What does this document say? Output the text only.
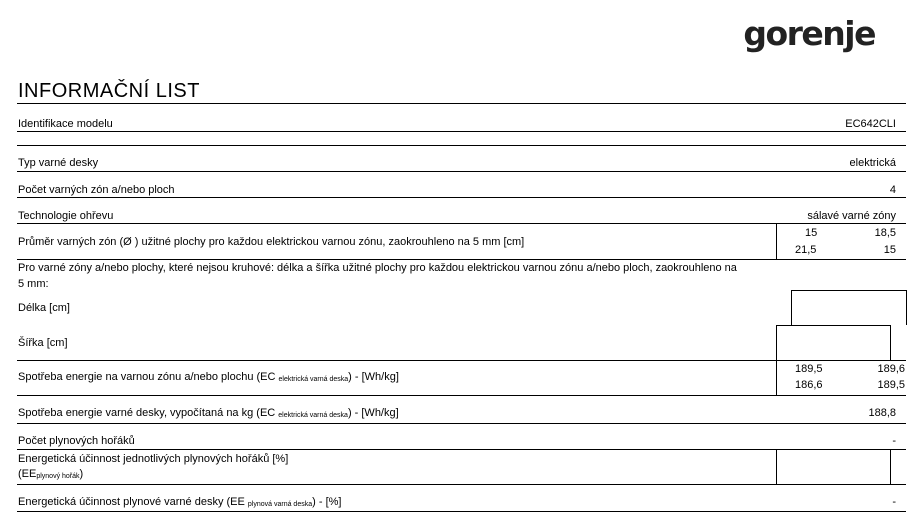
gorenje
INFORMAČNÍ LIST
Identifikace modelu	EC642CLI
Typ varné desky	elektrická
Počet varných zón a/nebo ploch	4
Technologie ohřevu	sálavé varné zóny
Průměr varných zón (Ø ) užitné plochy pro každou elektrickou varnou zónu, zaokrouhleno na 5 mm [cm]
15	18,5
21,5	15
Pro varné zóny a/nebo plochy, které nejsou kruhové: délka a šířka užitné plochy pro každou elektrickou varnou zónu a/nebo ploch, zaokrouhleno na
5 mm:
Délka [cm]
Šířka [cm]
Spotřeba energie na varnou zónu a/nebo plochu (EC $_{elektrická varná deska}$) - [Wh/kg]
189,5	189,6
186,6	189,5
Spotřeba energie varné desky, vypočítaná na kg (EC $_{elektrická varná deska}$) - [Wh/kg]	188,8
Počet plynových hořáků	-
Energetická účinnost jednotlivých plynových hořáků [%]
$(EE_{plynový hořák})$
Energetická účinnost plynové varné desky (EE $_{plynová varná deska}$) - [%]	-
